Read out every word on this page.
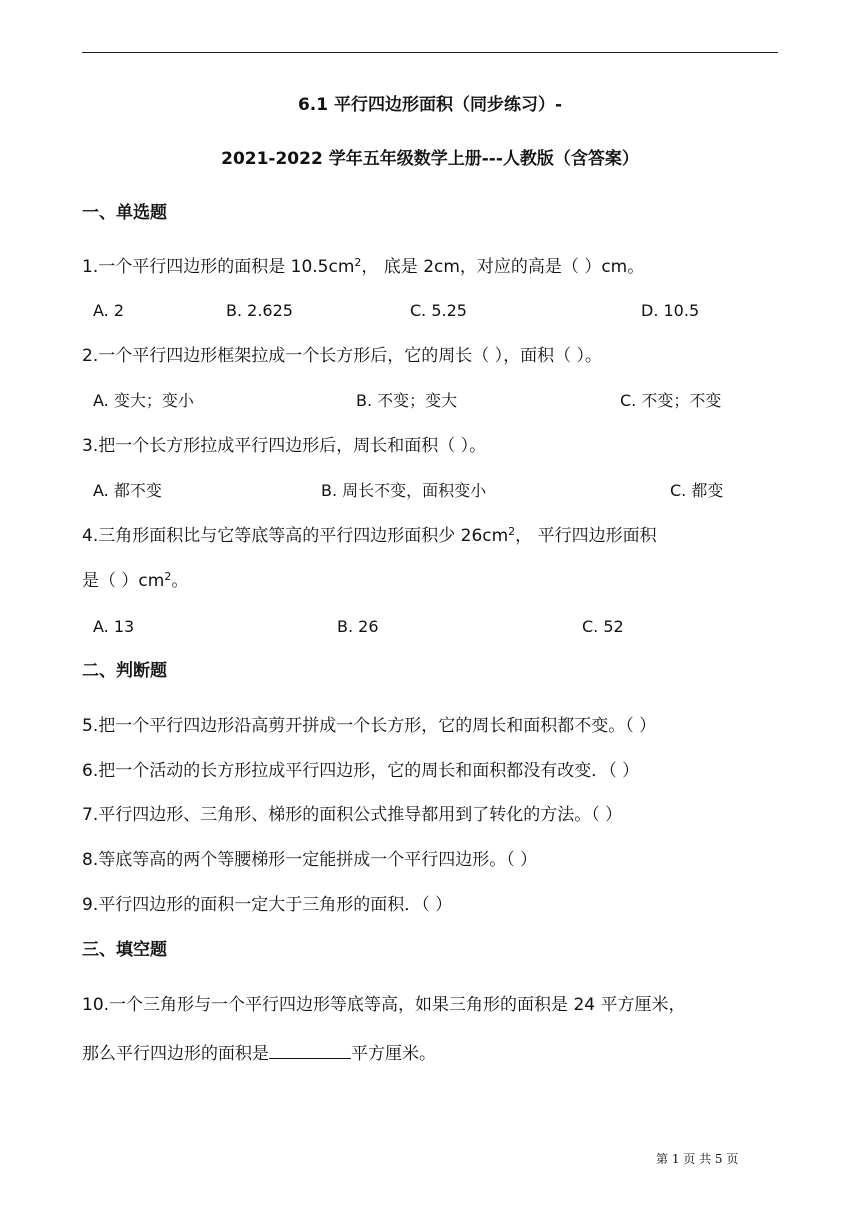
6.1 平行四边形面积（同步练习）-
2021-2022 学年五年级数学上册---人教版（含答案）
一、单选题
1.一个平行四边形的面积是 $10.5cm^2$， 底是 2cm，对应的高是（ ）cm。
A. 2	B. 2.625	C. 5.25	D. 10.5
2.一个平行四边形框架拉成一个长方形后，它的周长（ ），面积（ ）。
A. 变大；变小	B. 不变；变大	C. 不变；不变
3.把一个长方形拉成平行四边形后，周长和面积（ ）。
A. 都不变	B. 周长不变，面积变小	C. 都变
4.三角形面积比与它等底等高的平行四边形面积少 $26cm^2$， 平行四边形面积
是（ ）$cm^2$。
A. 13	B. 26	C. 52
二、判断题
5.把一个平行四边形沿高剪开拼成一个长方形，它的周长和面积都不变。（ ）
6.把一个活动的长方形拉成平行四边形，它的周长和面积都没有改变．（ ）
7.平行四边形、三角形、梯形的面积公式推导都用到了转化的方法。（ ）
8.等底等高的两个等腰梯形一定能拼成一个平行四边形。（ ）
9.平行四边形的面积一定大于三角形的面积．（ ）
三、填空题
10.一个三角形与一个平行四边形等底等高，如果三角形的面积是 24 平方厘米，
那么平行四边形的面积是	平方厘米。
第 1 页 共 5 页
